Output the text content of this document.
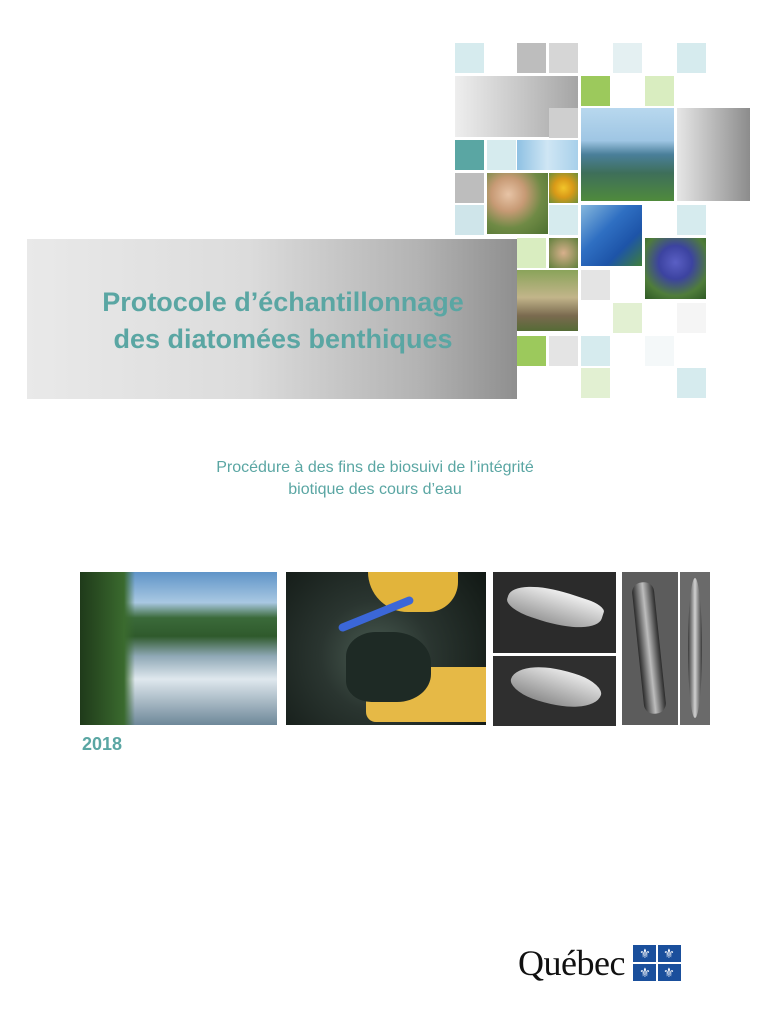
Protocole d’échantillonnage
des diatomées benthiques
Procédure à des fins de biosuivi de l’intégrité
biotique des cours d’eau
2018
Québec	⚜ ⚜
⚜ ⚜
